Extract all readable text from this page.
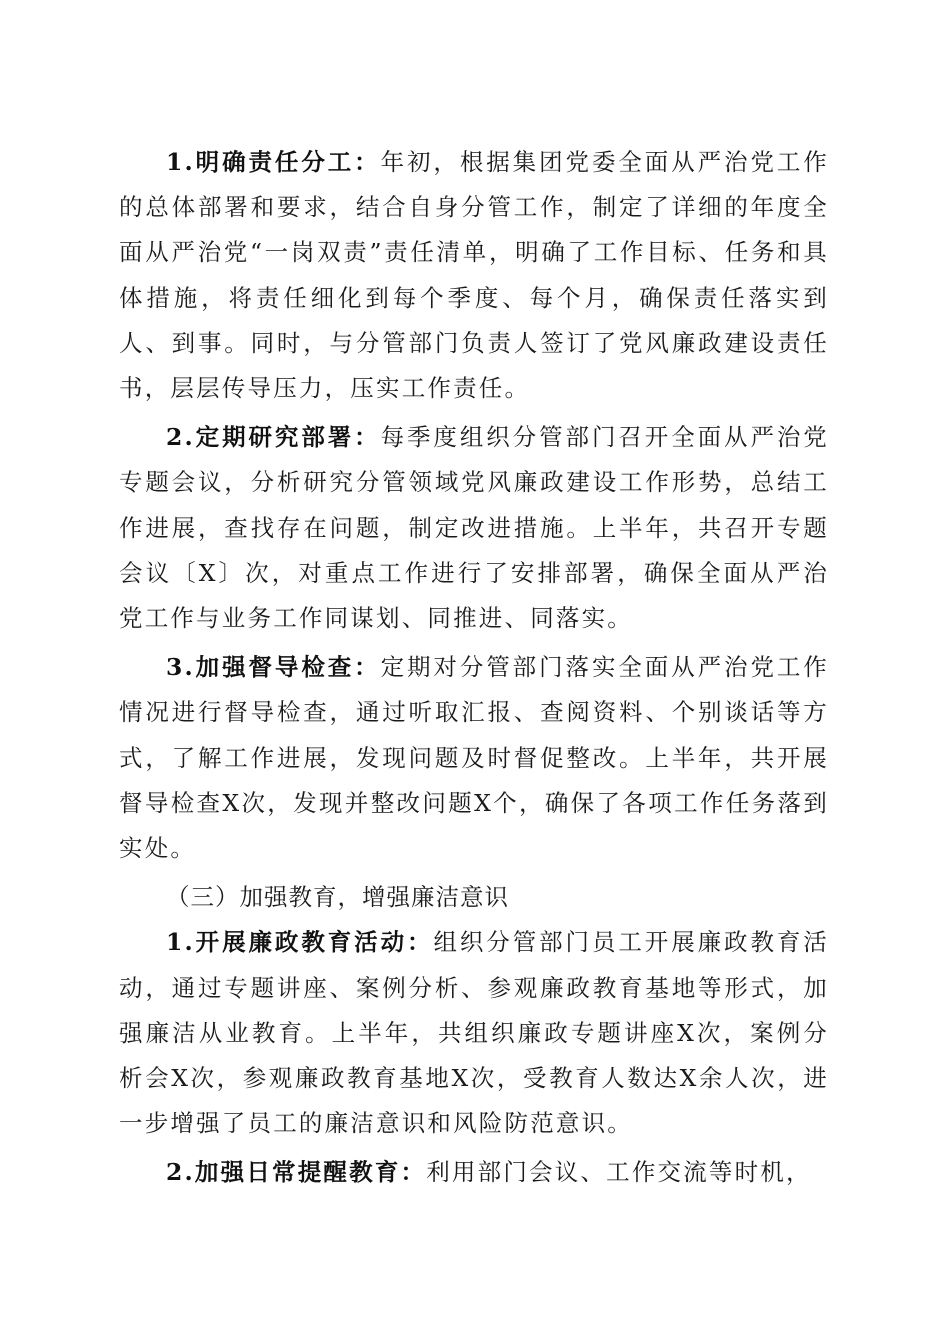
1.明确责任分工：年初，根据集团党委全面从严治党工作的总体部署和要求，结合自身分管工作，制定了详细的年度全面从严治党“一岗双责”责任清单，明确了工作目标、任务和具体措施，将责任细化到每个季度、每个月，确保责任落实到人、到事。同时，与分管部门负责人签订了党风廉政建设责任书，层层传导压力，压实工作责任。

2.定期研究部署：每季度组织分管部门召开全面从严治党专题会议，分析研究分管领域党风廉政建设工作形势，总结工作进展，查找存在问题，制定改进措施。上半年，共召开专题会议〔X〕次，对重点工作进行了安排部署，确保全面从严治党工作与业务工作同谋划、同推进、同落实。

3.加强督导检查：定期对分管部门落实全面从严治党工作情况进行督导检查，通过听取汇报、查阅资料、个别谈话等方式，了解工作进展，发现问题及时督促整改。上半年，共开展督导检查X次，发现并整改问题X个，确保了各项工作任务落到实处。

（三）加强教育，增强廉洁意识

1.开展廉政教育活动：组织分管部门员工开展廉政教育活动，通过专题讲座、案例分析、参观廉政教育基地等形式，加强廉洁从业教育。上半年，共组织廉政专题讲座X次，案例分析会X次，参观廉政教育基地X次，受教育人数达X余人次，进一步增强了员工的廉洁意识和风险防范意识。

2.加强日常提醒教育：利用部门会议、工作交流等时机，
